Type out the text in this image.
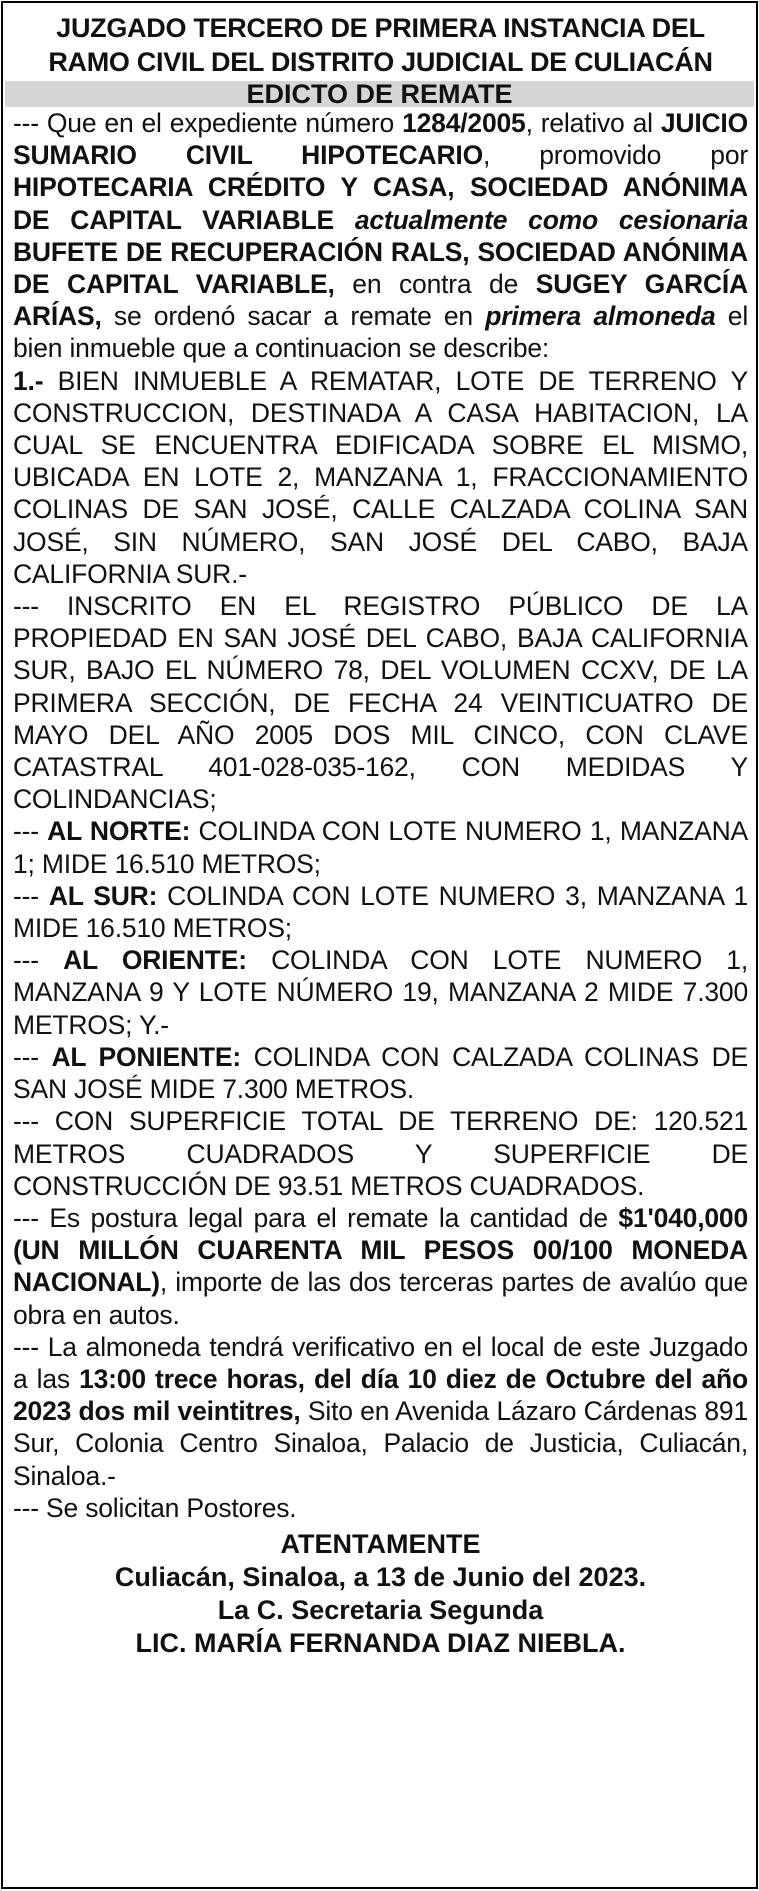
JUZGADO TERCERO DE PRIMERA INSTANCIA DEL
RAMO CIVIL DEL DISTRITO JUDICIAL DE CULIACÁN
EDICTO DE REMATE

--- Que en el expediente número 1284/2005, relativo al JUICIO SUMARIO CIVIL HIPOTECARIO, promovido por HIPOTECARIA CRÉDITO Y CASA, SOCIEDAD ANÓNIMA DE CAPITAL VARIABLE actualmente como cesionaria BUFETE DE RECUPERACIÓN RALS, SOCIEDAD ANÓNIMA DE CAPITAL VARIABLE, en contra de SUGEY GARCÍA ARÍAS, se ordenó sacar a remate en primera almoneda el bien inmueble que a continuacion se describe:

1.- BIEN INMUEBLE A REMATAR, LOTE DE TERRENO Y CONSTRUCCION, DESTINADA A CASA HABITACION, LA CUAL SE ENCUENTRA EDIFICADA SOBRE EL MISMO, UBICADA EN LOTE 2, MANZANA 1, FRACCIONAMIENTO COLINAS DE SAN JOSÉ, CALLE CALZADA COLINA SAN JOSÉ, SIN NÚMERO, SAN JOSÉ DEL CABO, BAJA CALIFORNIA SUR.-

--- INSCRITO EN EL REGISTRO PÚBLICO DE LA PROPIEDAD EN SAN JOSÉ DEL CABO, BAJA CALIFORNIA SUR, BAJO EL NÚMERO 78, DEL VOLUMEN CCXV, DE LA PRIMERA SECCIÓN, DE FECHA 24 VEINTICUATRO DE MAYO DEL AÑO 2005 DOS MIL CINCO, CON CLAVE CATASTRAL 401-028-035-162, CON MEDIDAS Y COLINDANCIAS;

--- AL NORTE: COLINDA CON LOTE NUMERO 1, MANZANA 1; MIDE 16.510 METROS;

--- AL SUR: COLINDA CON LOTE NUMERO 3, MANZANA 1 MIDE 16.510 METROS;

--- AL ORIENTE: COLINDA CON LOTE NUMERO 1, MANZANA 9 Y LOTE NÚMERO 19, MANZANA 2 MIDE 7.300 METROS; Y.-

--- AL PONIENTE: COLINDA CON CALZADA COLINAS DE SAN JOSÉ MIDE 7.300 METROS.

--- CON SUPERFICIE TOTAL DE TERRENO DE: 120.521 METROS CUADRADOS Y SUPERFICIE DE CONSTRUCCIÓN DE 93.51 METROS CUADRADOS.

--- Es postura legal para el remate la cantidad de $1'040,000 (UN MILLÓN CUARENTA MIL PESOS 00/100 MONEDA NACIONAL), importe de las dos terceras partes de avalúo que obra en autos.

--- La almoneda tendrá verificativo en el local de este Juzgado a las 13:00 trece horas, del día 10 diez de Octubre del año 2023 dos mil veintitres, Sito en Avenida Lázaro Cárdenas 891 Sur, Colonia Centro Sinaloa, Palacio de Justicia, Culiacán, Sinaloa.-

--- Se solicitan Postores.

ATENTAMENTE
Culiacán, Sinaloa, a 13 de Junio del 2023.
La C. Secretaria Segunda
LIC. MARÍA FERNANDA DIAZ NIEBLA.
